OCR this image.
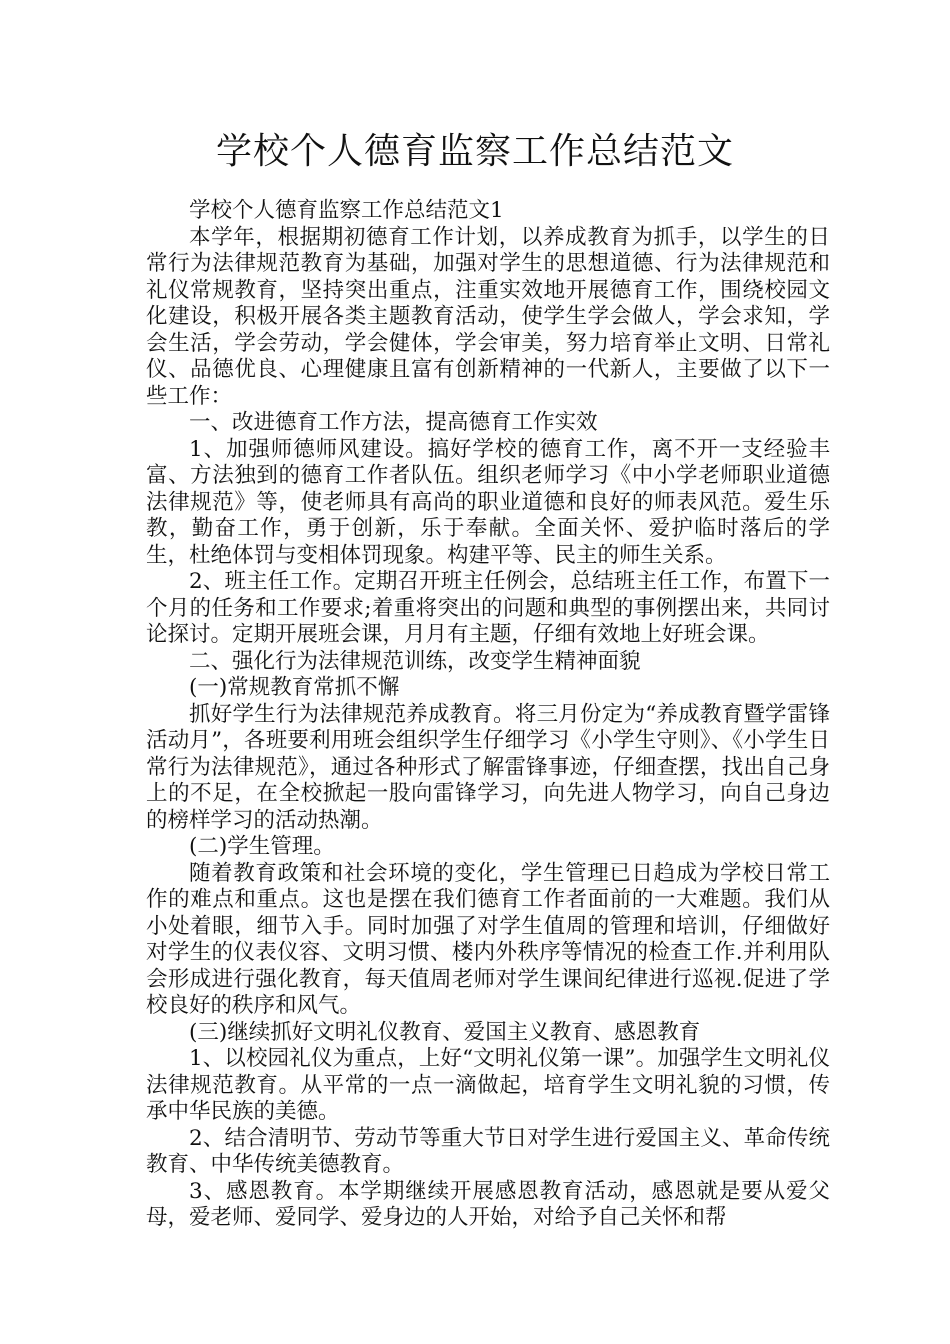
学校个人德育监察工作总结范文

学校个人德育监察工作总结范文1

本学年，根据期初德育工作计划，以养成教育为抓手，以学生的日常行为法律规范教育为基础，加强对学生的思想道德、行为法律规范和礼仪常规教育，坚持突出重点，注重实效地开展德育工作，围绕校园文化建设，积极开展各类主题教育活动，使学生学会做人，学会求知，学会生活，学会劳动，学会健体，学会审美，努力培育举止文明、日常礼仪、品德优良、心理健康且富有创新精神的一代新人，主要做了以下一些工作：

一、改进德育工作方法，提高德育工作实效

1、加强师德师风建设。搞好学校的德育工作，离不开一支经验丰富、方法独到的德育工作者队伍。组织老师学习《中小学老师职业道德法律规范》等，使老师具有高尚的职业道德和良好的师表风范。爱生乐教，勤奋工作，勇于创新，乐于奉献。全面关怀、爱护临时落后的学生，杜绝体罚与变相体罚现象。构建平等、民主的师生关系。

2、班主任工作。定期召开班主任例会，总结班主任工作，布置下一个月的任务和工作要求;着重将突出的问题和典型的事例摆出来，共同讨论探讨。定期开展班会课，月月有主题，仔细有效地上好班会课。

二、强化行为法律规范训练，改变学生精神面貌

(一)常规教育常抓不懈

抓好学生行为法律规范养成教育。将三月份定为“养成教育暨学雷锋活动月”，各班要利用班会组织学生仔细学习《小学生守则》、《小学生日常行为法律规范》，通过各种形式了解雷锋事迹，仔细查摆，找出自己身上的不足，在全校掀起一股向雷锋学习，向先进人物学习，向自己身边的榜样学习的活动热潮。

(二)学生管理。

随着教育政策和社会环境的变化，学生管理已日趋成为学校日常工作的难点和重点。这也是摆在我们德育工作者面前的一大难题。我们从小处着眼，细节入手。同时加强了对学生值周的管理和培训，仔细做好对学生的仪表仪容、文明习惯、楼内外秩序等情况的检查工作.并利用队会形成进行强化教育，每天值周老师对学生课间纪律进行巡视.促进了学校良好的秩序和风气。

(三)继续抓好文明礼仪教育、爱国主义教育、感恩教育

1、以校园礼仪为重点，上好“文明礼仪第一课”。加强学生文明礼仪法律规范教育。从平常的一点一滴做起，培育学生文明礼貌的习惯，传承中华民族的美德。

2、结合清明节、劳动节等重大节日对学生进行爱国主义、革命传统教育、中华传统美德教育。

3、感恩教育。本学期继续开展感恩教育活动，感恩就是要从爱父母，爱老师、爱同学、爱身边的人开始，对给予自己关怀和帮
